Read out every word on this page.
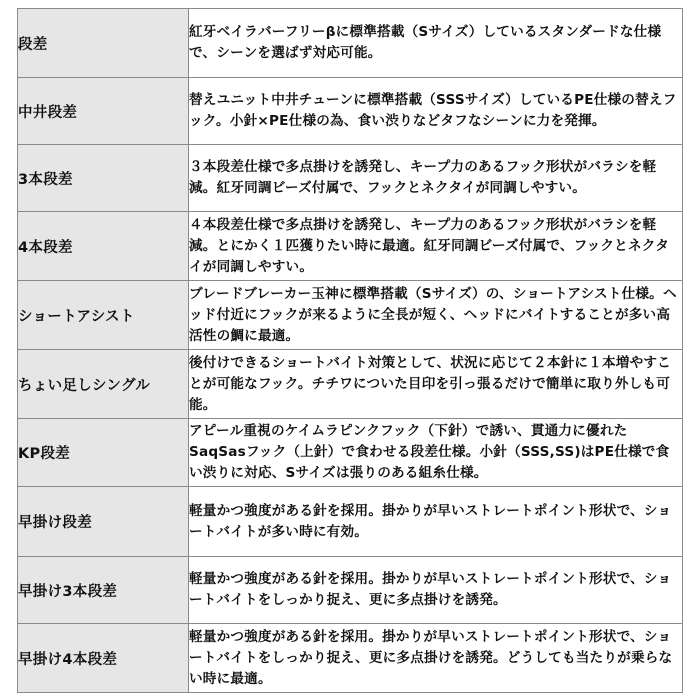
段差	紅牙ベイラバーフリーβに標準搭載（Sサイズ）しているスタンダードな仕様で、シーンを選ばず対応可能。
中井段差	替えユニット中井チューンに標準搭載（SSSサイズ）しているPE仕様の替えフック。小針×PE仕様の為、食い渋りなどタフなシーンに力を発揮。
3本段差	３本段差仕様で多点掛けを誘発し、キープ力のあるフック形状がバラシを軽減。紅牙同調ビーズ付属で、フックとネクタイが同調しやすい。
4本段差	４本段差仕様で多点掛けを誘発し、キープ力のあるフック形状がバラシを軽減。とにかく１匹獲りたい時に最適。紅牙同調ビーズ付属で、フックとネクタイが同調しやすい。
ショートアシスト	ブレードブレーカー玉神に標準搭載（Sサイズ）の、ショートアシスト仕様。ヘッド付近にフックが来るように全長が短く、ヘッドにバイトすることが多い高活性の鯛に最適。
ちょい足しシングル	後付けできるショートバイト対策として、状況に応じて２本針に１本増やすことが可能なフック。チチワについた目印を引っ張るだけで簡単に取り外しも可能。
KP段差	アピール重視のケイムラピンクフック（下針）で誘い、貫通力に優れたSaqSasフック（上針）で食わせる段差仕様。小針（SSS,SS)はPE仕様で食い渋りに対応、Sサイズは張りのある組糸仕様。
早掛け段差	軽量かつ強度がある針を採用。掛かりが早いストレートポイント形状で、ショートバイトが多い時に有効。
早掛け3本段差	軽量かつ強度がある針を採用。掛かりが早いストレートポイント形状で、ショートバイトをしっかり捉え、更に多点掛けを誘発。
早掛け4本段差	軽量かつ強度がある針を採用。掛かりが早いストレートポイント形状で、ショートバイトをしっかり捉え、更に多点掛けを誘発。どうしても当たりが乗らない時に最適。
